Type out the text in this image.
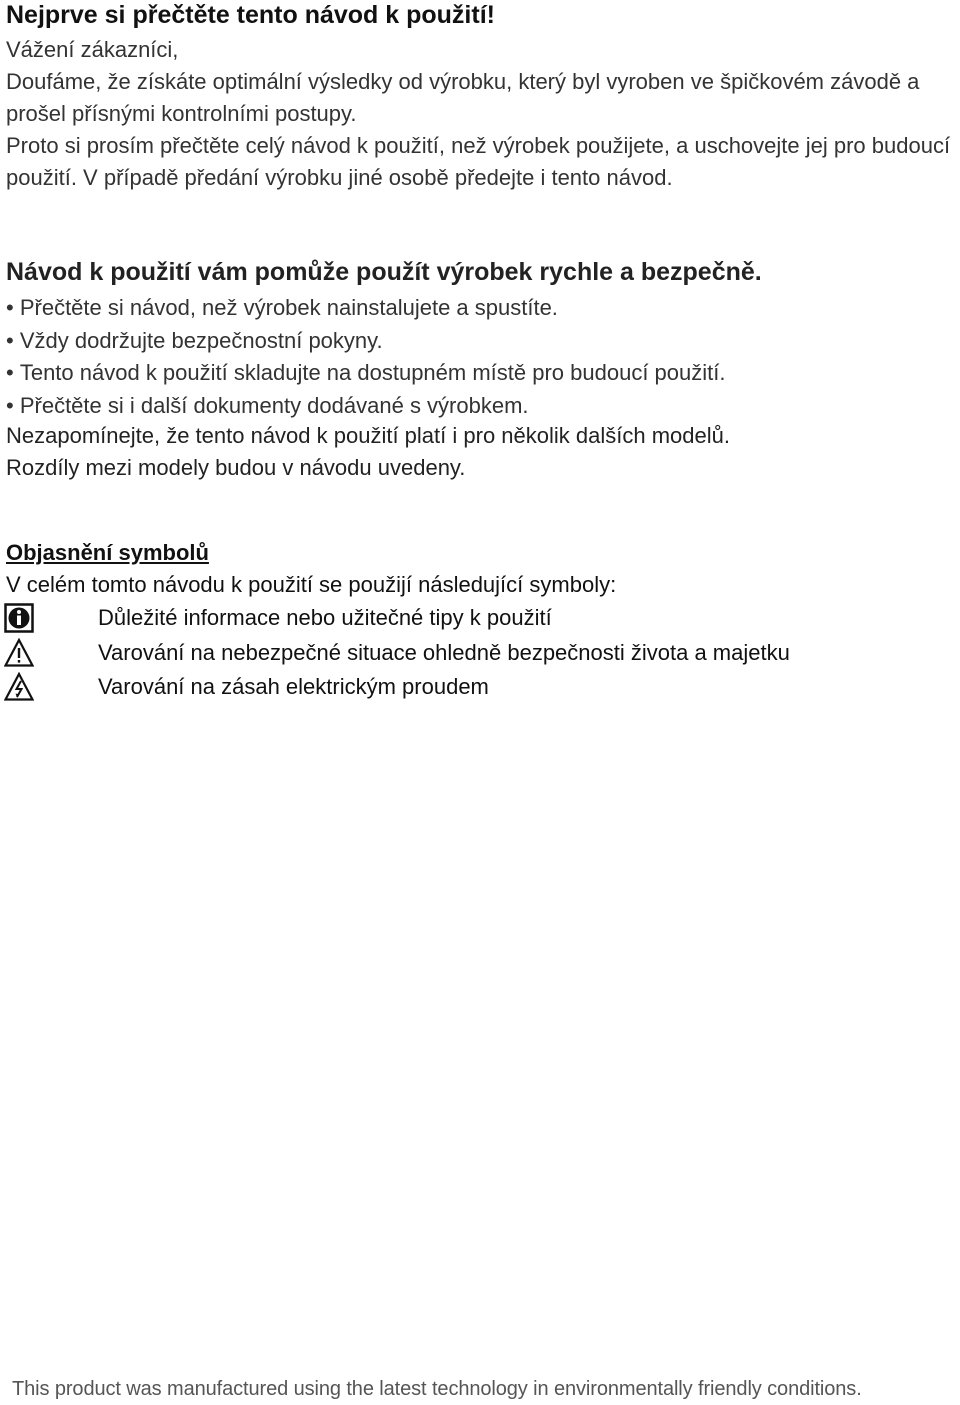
Nejprve si přečtěte tento návod k použití!

Vážení zákazníci,

Doufáme, že získáte optimální výsledky od výrobku, který byl vyroben ve špičkovém závodě a prošel přísnými kontrolními postupy.

Proto si prosím přečtěte celý návod k použití, než výrobek použijete, a uschovejte jej pro budoucí použití. V případě předání výrobku jiné osobě předejte i tento návod.

Návod k použití vám pomůže použít výrobek rychle a bezpečně.
• Přečtěte si návod, než výrobek nainstalujete a spustíte.
• Vždy dodržujte bezpečnostní pokyny.
• Tento návod k použití skladujte na dostupném místě pro budoucí použití.
• Přečtěte si i další dokumenty dodávané s výrobkem.

Nezapomínejte, že tento návod k použití platí i pro několik dalších modelů.

Rozdíly mezi modely budou v návodu uvedeny.

Objasnění symbolů
V celém tomto návodu k použití se použijí následující symboly:
Důležité informace nebo užitečné tipy k použití
Varování na nebezpečné situace ohledně bezpečnosti života a majetku
Varování na zásah elektrickým proudem
This product was manufactured using the latest technology in environmentally friendly conditions.
